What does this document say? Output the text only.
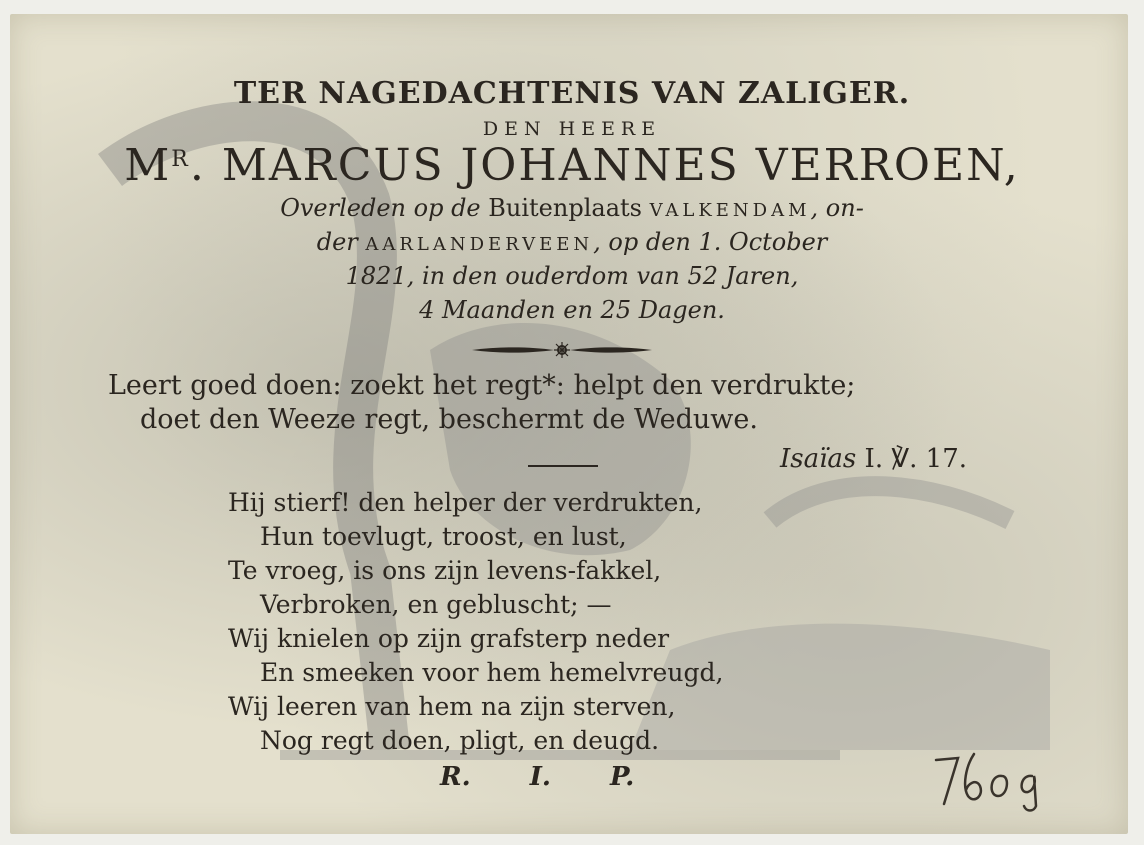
TER NAGEDACHTENIS VAN ZALIGER.
DEN HEERE
$M^R$. MARCUS JOHANNES VERROEN,
Overleden op de Buitenplaats VALKENDAM, on-
der AARLANDERVEEN, op den 1. October
1821, in den ouderdom van 52 Jaren,
4 Maanden en 25 Dagen.
Leert goed doen: zoekt het regt*: helpt den verdrukte;
doet den Weeze regt, beschermt de Weduwe.
Isaïas I. ℣. 17.
Hij stierf! den helper der verdrukten,
Hun toevlugt, troost, en lust,
Te vroeg, is ons zijn levens-fakkel,
Verbroken, en gebluscht; —
Wij knielen op zijn grafsterp neder
En smeeken voor hem hemelvreugd,
Wij leeren van hem na zijn sterven,
Nog regt doen, pligt, en deugd.
R. I. P.
